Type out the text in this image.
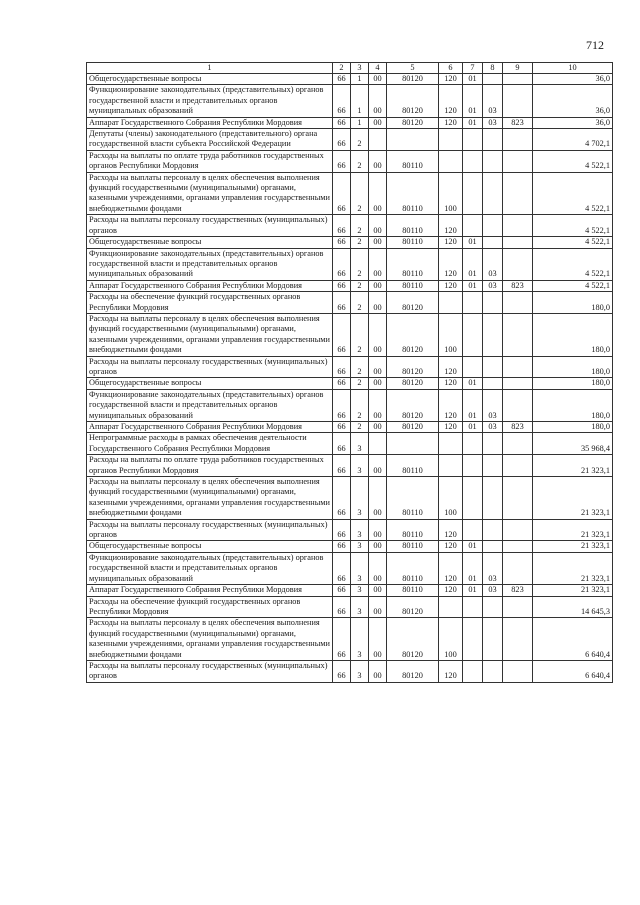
712
1	2	3	4	5	6	7	8	9	10
Общегосударственные вопросы	66	1	00	80120	120	01			36,0
Функционирование законодательных (представительных) органов государственной власти и представительных органов муниципальных образований	66	1	00	80120	120	01	03		36,0
Аппарат Государственного Собрания Республики Мордовия	66	1	00	80120	120	01	03	823	36,0
Депутаты (члены) законодательного (представительного) органа государственной власти субъекта Российской Федерации	66	2							4 702,1
Расходы на выплаты по оплате труда работников государственных органов Республики Мордовия	66	2	00	80110					4 522,1
Расходы на выплаты персоналу в целях обеспечения выполнения функций государственными (муниципальными) органами, казенными учреждениями, органами управления государственными внебюджетными фондами	66	2	00	80110	100				4 522,1
Расходы на выплаты персоналу государственных (муниципальных) органов	66	2	00	80110	120				4 522,1
Общегосударственные вопросы	66	2	00	80110	120	01			4 522,1
Функционирование законодательных (представительных) органов государственной власти и представительных органов муниципальных образований	66	2	00	80110	120	01	03		4 522,1
Аппарат Государственного Собрания Республики Мордовия	66	2	00	80110	120	01	03	823	4 522,1
Расходы на обеспечение функций государственных органов Республики Мордовия	66	2	00	80120					180,0
Расходы на выплаты персоналу в целях обеспечения выполнения функций государственными (муниципальными) органами, казенными учреждениями, органами управления государственными внебюджетными фондами	66	2	00	80120	100				180,0
Расходы на выплаты персоналу государственных (муниципальных) органов	66	2	00	80120	120				180,0
Общегосударственные вопросы	66	2	00	80120	120	01			180,0
Функционирование законодательных (представительных) органов государственной власти и представительных органов муниципальных образований	66	2	00	80120	120	01	03		180,0
Аппарат Государственного Собрания Республики Мордовия	66	2	00	80120	120	01	03	823	180,0
Непрограммные расходы в рамках обеспечения деятельности Государственного Собрания Республики Мордовия	66	3							35 968,4
Расходы на выплаты по оплате труда работников государственных органов Республики Мордовия	66	3	00	80110					21 323,1
Расходы на выплаты персоналу в целях обеспечения выполнения функций государственными (муниципальными) органами, казенными учреждениями, органами управления государственными внебюджетными фондами	66	3	00	80110	100				21 323,1
Расходы на выплаты персоналу государственных (муниципальных) органов	66	3	00	80110	120				21 323,1
Общегосударственные вопросы	66	3	00	80110	120	01			21 323,1
Функционирование законодательных (представительных) органов государственной власти и представительных органов муниципальных образований	66	3	00	80110	120	01	03		21 323,1
Аппарат Государственного Собрания Республики Мордовия	66	3	00	80110	120	01	03	823	21 323,1
Расходы на обеспечение функций государственных органов Республики Мордовия	66	3	00	80120					14 645,3
Расходы на выплаты персоналу в целях обеспечения выполнения функций государственными (муниципальными) органами, казенными учреждениями, органами управления государственными внебюджетными фондами	66	3	00	80120	100				6 640,4
Расходы на выплаты персоналу государственных (муниципальных) органов	66	3	00	80120	120				6 640,4
